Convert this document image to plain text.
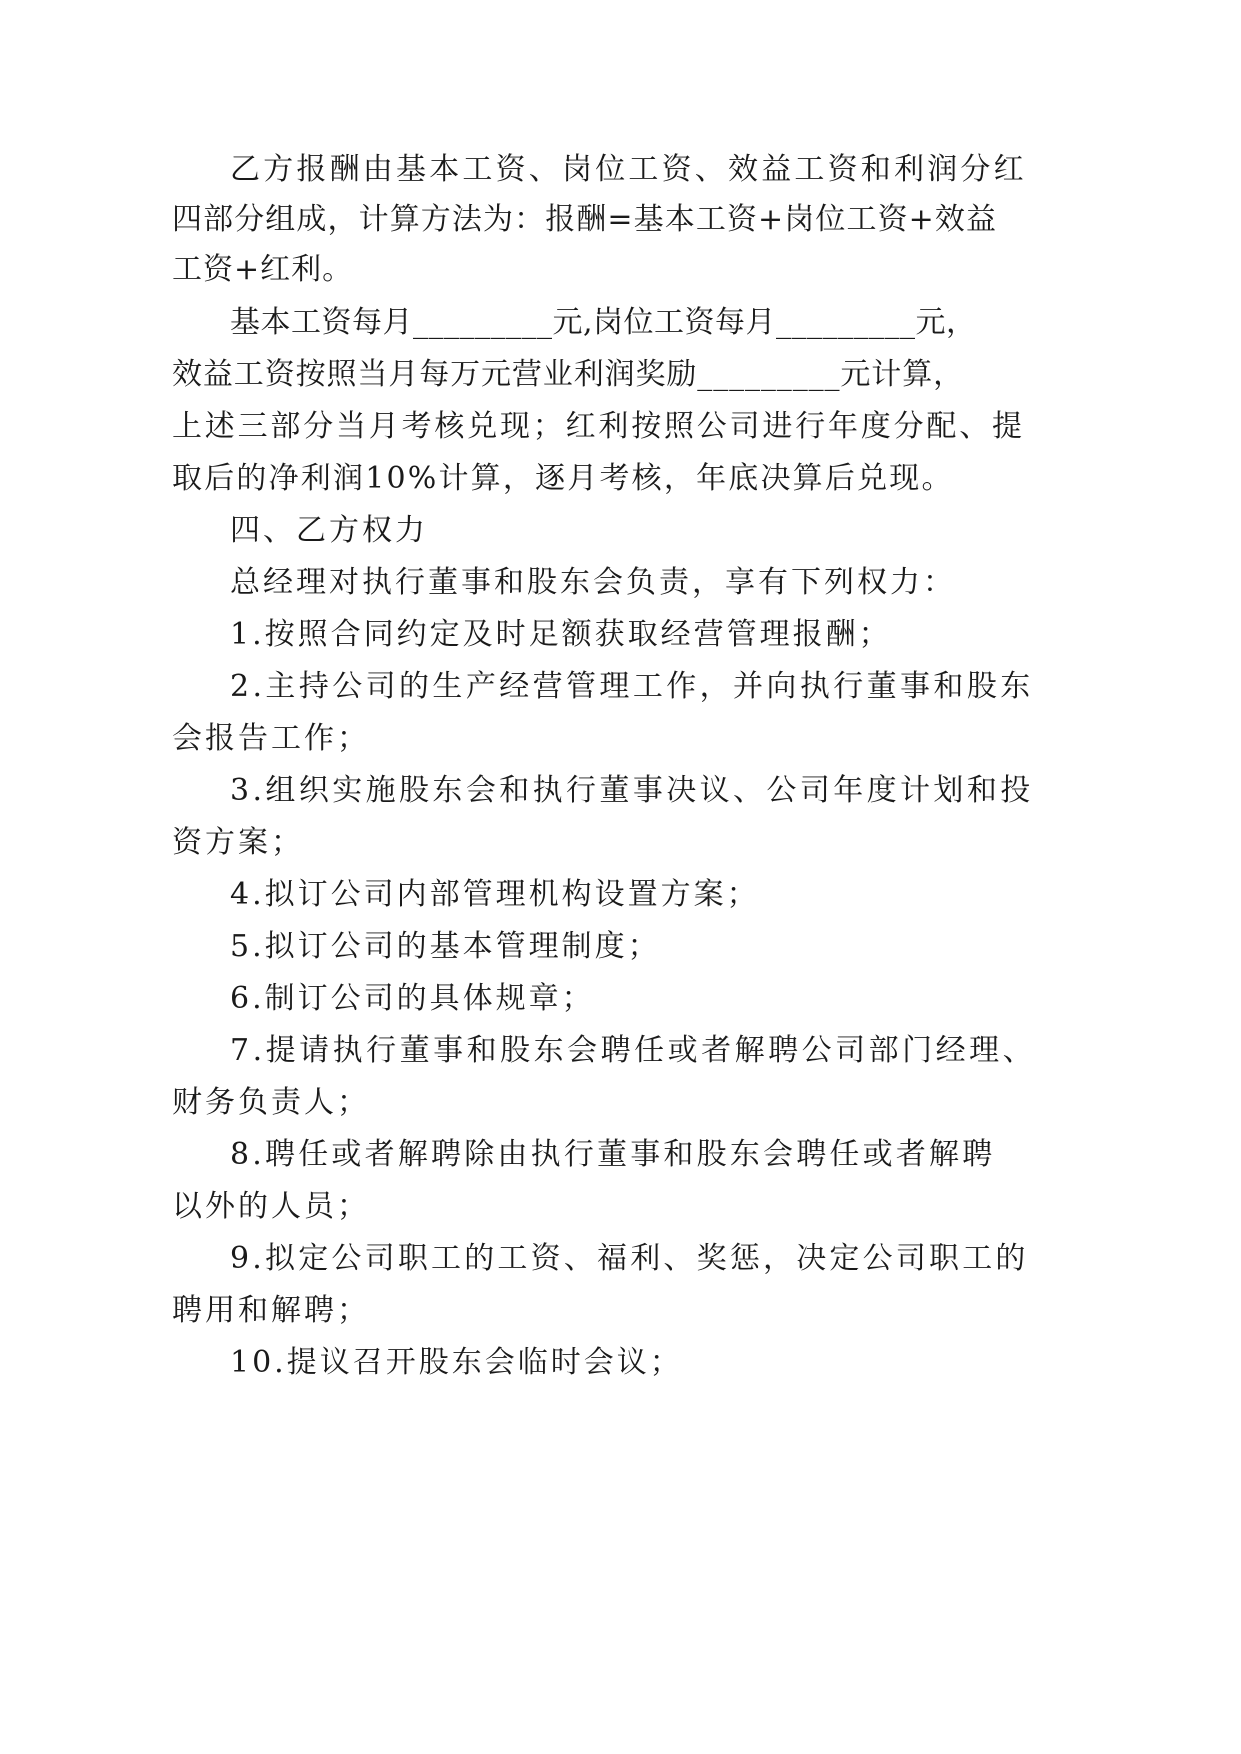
乙方报酬由基本工资、岗位工资、效益工资和利润分红
四部分组成，计算方法为：报酬=基本工资+岗位工资+效益
工资+红利。
基本工资每月_________元,岗位工资每月_________元，
效益工资按照当月每万元营业利润奖励_________元计算，
上述三部分当月考核兑现；红利按照公司进行年度分配、提
取后的净利润10%计算，逐月考核，年底决算后兑现。
四、乙方权力
总经理对执行董事和股东会负责，享有下列权力：
1.按照合同约定及时足额获取经营管理报酬；
2.主持公司的生产经营管理工作，并向执行董事和股东
会报告工作；
3.组织实施股东会和执行董事决议、公司年度计划和投
资方案；
4.拟订公司内部管理机构设置方案；
5.拟订公司的基本管理制度；
6.制订公司的具体规章；
7.提请执行董事和股东会聘任或者解聘公司部门经理、
财务负责人；
8.聘任或者解聘除由执行董事和股东会聘任或者解聘
以外的人员；
9.拟定公司职工的工资、福利、奖惩，决定公司职工的
聘用和解聘；
10.提议召开股东会临时会议；
